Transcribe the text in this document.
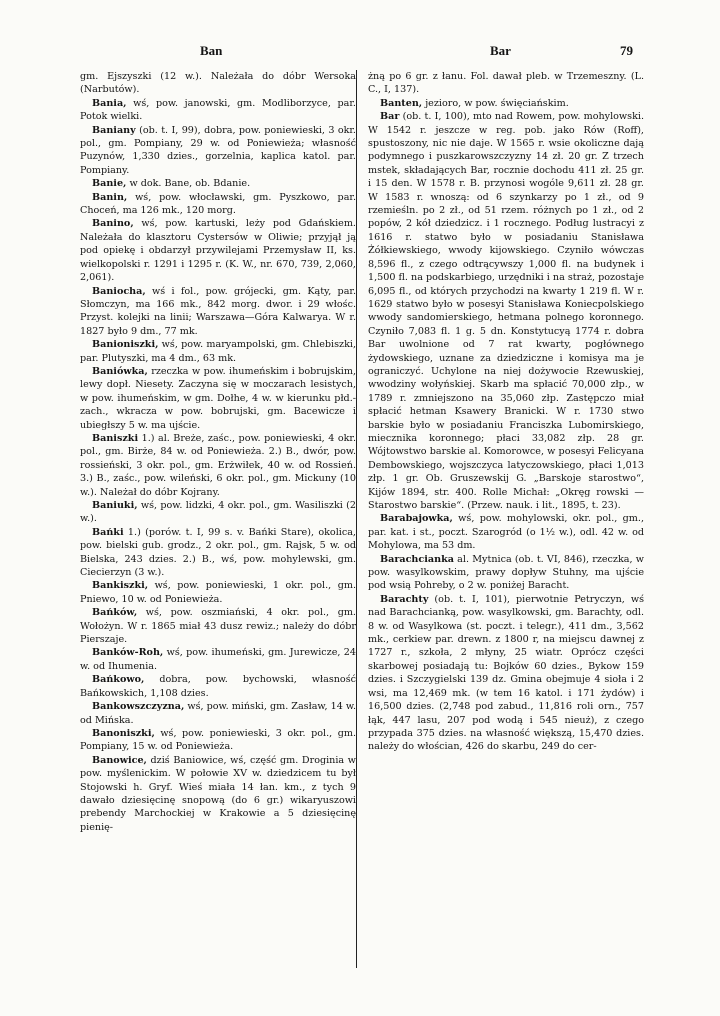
Ban	Bar	79

gm. Ejszyszki (12 w.). Należała do dóbr Wersoka (Narbutów).

Bania, wś, pow. janowski, gm. Modliborzyce, par. Potok wielki.

Baniany (ob. t. I, 99), dobra, pow. poniewieski, 3 okr. pol., gm. Pompiany, 29 w. od Poniewieża; własność Puzynów, 1,330 dzies., gorzelnia, kaplica katol. par. Pompiany.

Banie, w dok. Bane, ob. Bdanie.

Banin, wś, pow. włocławski, gm. Pyszkowo, par. Choceń, ma 126 mk., 120 morg.

Banino, wś, pow. kartuski, leży pod Gdańskiem. Należała do klasztoru Cystersów w Oliwie; przyjął ją pod opiekę i obdarzył przywilejami Przemysław II, ks. wielkopolski r. 1291 i 1295 r. (K. W., nr. 670, 739, 2,060, 2,061).

Baniocha, wś i fol., pow. grójecki, gm. Kąty, par. Słomczyn, ma 166 mk., 842 morg. dwor. i 29 włośc. Przyst. kolejki na linii; Warszawa—Góra Kalwarya. W r. 1827 było 9 dm., 77 mk.

Banioniszki, wś, pow. maryampolski, gm. Chlebiszki, par. Plutyszki, ma 4 dm., 63 mk.

Baniówka, rzeczka w pow. ihumeńskim i bobrujskim, lewy dopł. Niesety. Zaczyna się w moczarach lesistych, w pow. ihumeńskim, w gm. Dołhe, 4 w. w kierunku płd.-zach., wkracza w pow. bobrujski, gm. Bacewicze i ubiegłszy 5 w. ma ujście.

Baniszki 1.) al. Breże, zaśc., pow. poniewieski, 4 okr. pol., gm. Birże, 84 w. od Poniewieża. 2.) B., dwór, pow. rossieński, 3 okr. pol., gm. Erżwiłek, 40 w. od Rossień. 3.) B., zaśc., pow. wileński, 6 okr. pol., gm. Mickuny (10 w.). Należał do dóbr Kojrany.

Baniuki, wś, pow. lidzki, 4 okr. pol., gm. Wasiliszki (2 w.).

Bańki 1.) (porów. t. I, 99 s. v. Bańki Stare), okolica, pow. bielski gub. grodz., 2 okr. pol., gm. Rajsk, 5 w. od Bielska, 243 dzies. 2.) B., wś, pow. mohylewski, gm. Ciecierzyn (3 w.).

Bankiszki, wś, pow. poniewieski, 1 okr. pol., gm. Pniewo, 10 w. od Poniewieża.

Bańków, wś, pow. oszmiański, 4 okr. pol., gm. Wołożyn. W r. 1865 miał 43 dusz rewiz.; należy do dóbr Pierszaje.

Banków-Roh, wś, pow. ihumeński, gm. Jurewicze, 24 w. od Ihumenia.

Bańkowo, dobra, pow. bychowski, własność Bańkowskich, 1,108 dzies.

Bankowszczyzna, wś, pow. miński, gm. Zasław, 14 w. od Mińska.

Banoniszki, wś, pow. poniewieski, 3 okr. pol., gm. Pompiany, 15 w. od Poniewieża.

Banowice, dziś Baniowice, wś, część gm. Droginia w pow. myślenickim. W połowie XV w. dziedzicem tu był Stojowski h. Gryf. Wieś miała 14 łan. km., z tych 9 dawało dziesięcinę snopową (do 6 gr.) wikaryuszowi prebendy Marchockiej w Krakowie a 5 dziesięcinę pienię-

żną po 6 gr. z łanu. Fol. dawał pleb. w Trzemeszny. (L. C., I, 137).

Banten, jezioro, w pow. święciańskim.

Bar (ob. t. I, 100), mto nad Rowem, pow. mohylowski. W 1542 r. jeszcze w reg. pob. jako Rów (Roff), spustoszony, nic nie daje. W 1565 r. wsie okoliczne dają podymnego i puszkarowszczyzny 14 zł. 20 gr. Z trzech mstek, składających Bar, rocznie dochodu 411 zł. 25 gr. i 15 den. W 1578 r. B. przynosi wogóle 9,611 zł. 28 gr. W 1583 r. wnoszą: od 6 szynkarzy po 1 zł., od 9 rzemieśln. po 2 zł., od 51 rzem. różnych po 1 zł., od 2 popów, 2 kół dziedzicz. i 1 rocznego. Podług lustracyi z 1616 r. statwo było w posiadaniu Stanisława Żółkiewskiego, wwody kijowskiego. Czyniło wówczas 8,596 fl., z czego odtrącywszy 1,000 fl. na budynek i 1,500 fl. na podskarbiego, urzędniki i na straż, pozostaje 6,095 fl., od których przychodzi na kwarty 1 219 fl. W r. 1629 statwo było w posesyi Stanisława Koniecpolskiego wwody sandomierskiego, hetmana polnego koronnego. Czyniło 7,083 fl. 1 g. 5 dn. Konstytucyą 1774 r. dobra Bar uwolnione od 7 rat kwarty, pogłównego żydowskiego, uznane za dziedziczne i komisya ma je ograniczyć. Uchylone na niej dożywocie Rzewuskiej, wwodziny wołyńskiej. Skarb ma spłacić 70,000 złp., w 1789 r. zmniejszono na 35,060 złp. Zastępczo miał spłacić hetman Ksawery Branicki. W r. 1730 stwo barskie było w posiadaniu Franciszka Lubomirskiego, miecznika koronnego; płaci 33,082 złp. 28 gr. Wójtowstwo barskie al. Komorowce, w posesyi Felicyana Dembowskiego, wojszczyca latyczowskiego, płaci 1,013 złp. 1 gr. Ob. Gruszewskij G. „Barskoje starostwo“, Kijów 1894, str. 400. Rolle Michał: „Okręg rowski —Starostwo barskie“. (Przew. nauk. i lit., 1895, t. 23).

Barabajowka, wś, pow. mohylowski, okr. pol., gm., par. kat. i st., poczt. Szarogród (o 1½ w.), odl. 42 w. od Mohylowa, ma 53 dm.

Barachcianka al. Mytnica (ob. t. VI, 846), rzeczka, w pow. wasylkowskim, prawy dopływ Stuhny, ma ujście pod wsią Pohreby, o 2 w. poniżej Baracht.

Barachty (ob. t. I, 101), pierwotnie Petryczyn, wś nad Barachcianką, pow. wasylkowski, gm. Barachty, odl. 8 w. od Wasylkowa (st. poczt. i telegr.), 411 dm., 3,562 mk., cerkiew par. drewn. z 1800 r, na miejscu dawnej z 1727 r., szkoła, 2 młyny, 25 wiatr. Oprócz części skarbowej posiadają tu: Bojków 60 dzies., Bykow 159 dzies. i Szczygielski 139 dz. Gmina obejmuje 4 sioła i 2 wsi, ma 12,469 mk. (w tem 16 katol. i 171 żydów) i 16,500 dzies. (2,748 pod zabud., 11,816 roli orn., 757 łąk, 447 lasu, 207 pod wodą i 545 nieuż), z czego przypada 375 dzies. na własność większą, 15,470 dzies. należy do włościan, 426 do skarbu, 249 do cer-
